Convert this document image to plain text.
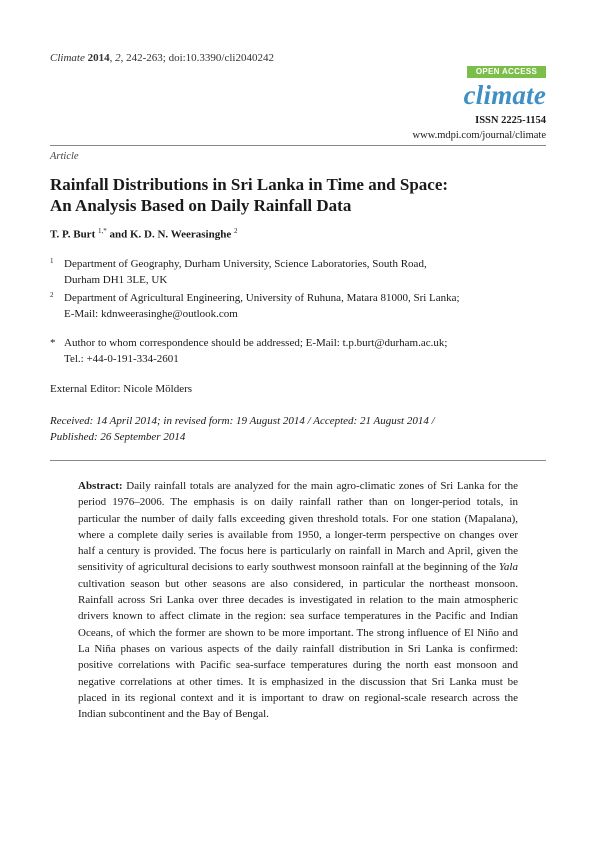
Climate 2014, 2, 242-263; doi:10.3390/cli2040242
OPEN ACCESS
climate
ISSN 2225-1154
www.mdpi.com/journal/climate
Article
Rainfall Distributions in Sri Lanka in Time and Space:
An Analysis Based on Daily Rainfall Data
T. P. Burt $^{1,*}$ and K. D. N. Weerasinghe $^2$
1 Department of Geography, Durham University, Science Laboratories, South Road,
Durham DH1 3LE, UK
2 Department of Agricultural Engineering, University of Ruhuna, Matara 81000, Sri Lanka;
E-Mail: kdnweerasinghe@outlook.com
* Author to whom correspondence should be addressed; E-Mail: t.p.burt@durham.ac.uk;
Tel.: +44-0-191-334-2601
External Editor: Nicole Mölders
Received: 14 April 2014; in revised form: 19 August 2014 / Accepted: 21 August 2014 /
Published: 26 September 2014
Abstract: Daily rainfall totals are analyzed for the main agro-climatic zones of Sri Lanka for the period 1976–2006. The emphasis is on daily rainfall rather than on longer-period totals, in particular the number of daily falls exceeding given threshold totals. For one station (Mapalana), where a complete daily series is available from 1950, a longer-term perspective on changes over half a century is provided. The focus here is particularly on rainfall in March and April, given the sensitivity of agricultural decisions to early southwest monsoon rainfall at the beginning of the Yala cultivation season but other seasons are also considered, in particular the northeast monsoon. Rainfall across Sri Lanka over three decades is investigated in relation to the main atmospheric drivers known to affect climate in the region: sea surface temperatures in the Pacific and Indian Oceans, of which the former are shown to be more important. The strong influence of El Niño and La Niña phases on various aspects of the daily rainfall distribution in Sri Lanka is confirmed: positive correlations with Pacific sea-surface temperatures during the north east monsoon and negative correlations at other times. It is emphasized in the discussion that Sri Lanka must be placed in its regional context and it is important to draw on regional-scale research across the Indian subcontinent and the Bay of Bengal.
